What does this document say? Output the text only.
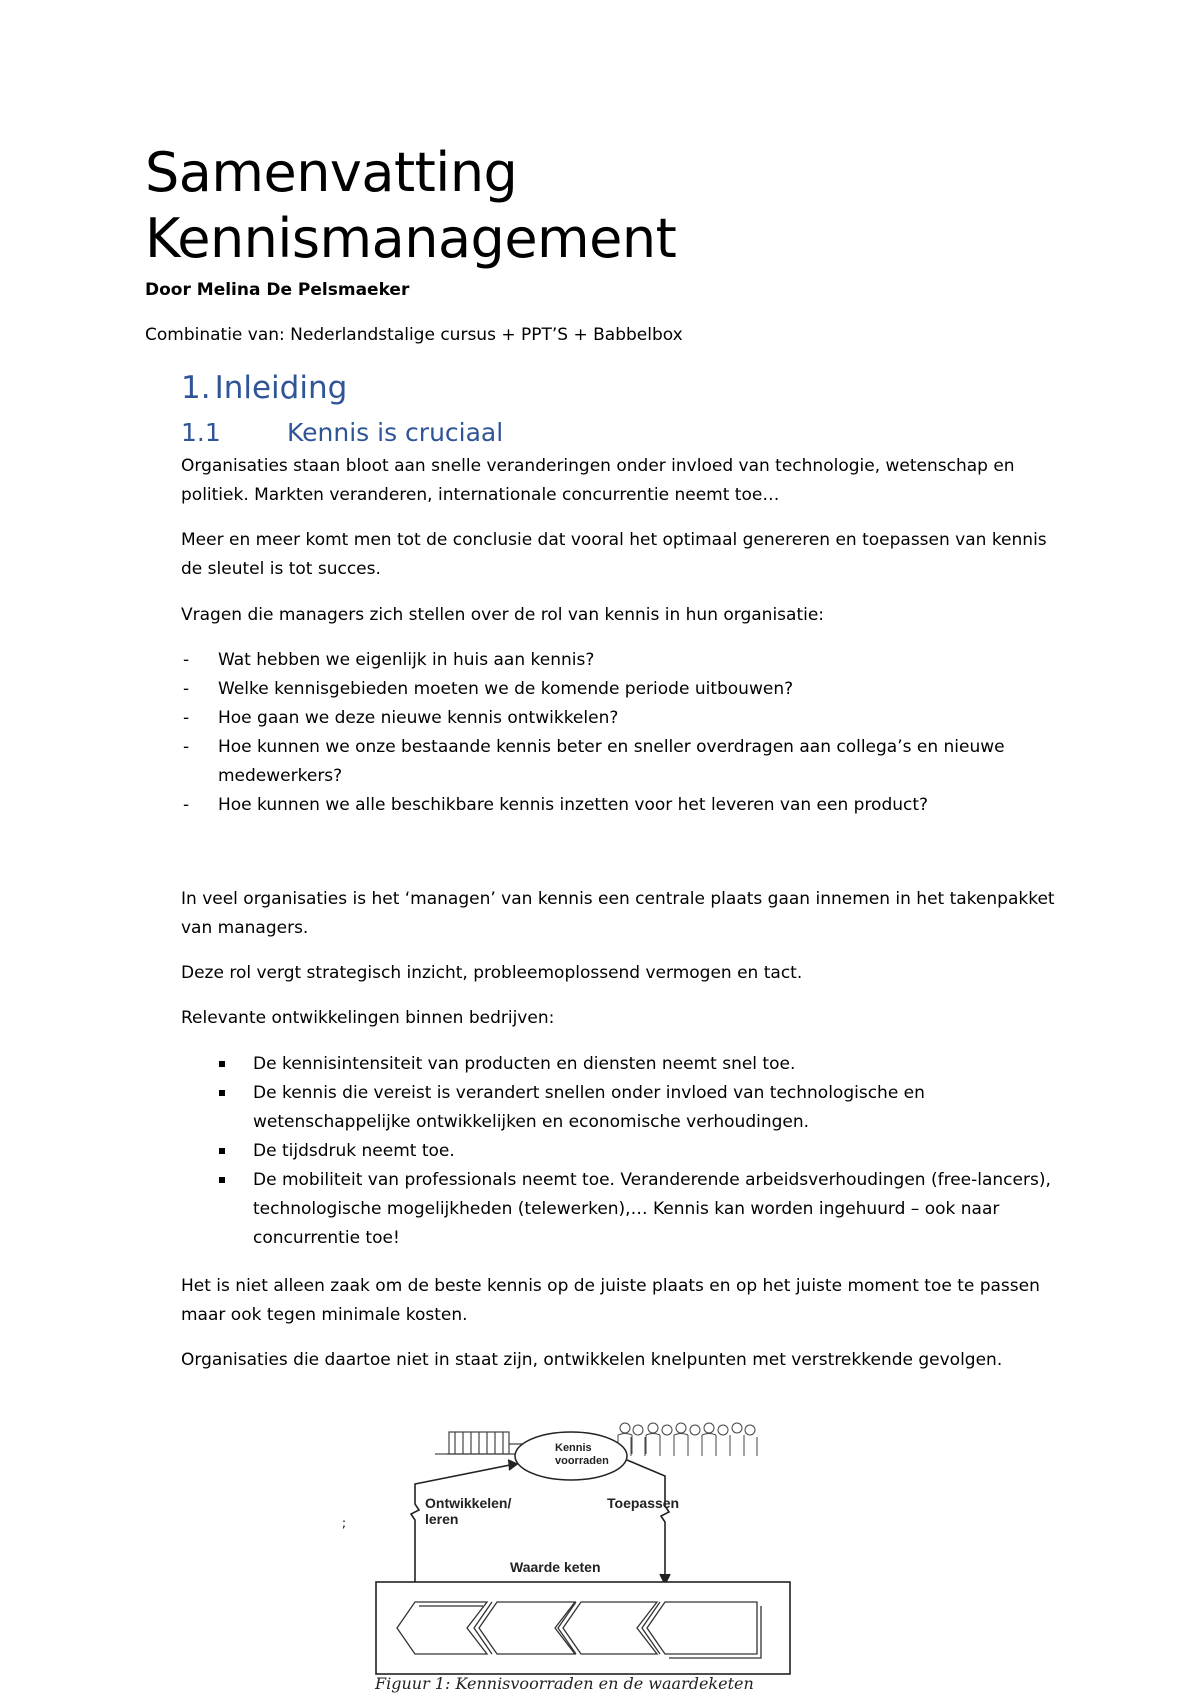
Samenvatting
Kennismanagement

Door Melina De Pelsmaeker

Combinatie van: Nederlandstalige cursus + PPT’S + Babbelbox

1. Inleiding
1.1	Kennis is cruciaal

Organisaties staan bloot aan snelle veranderingen onder invloed van technologie, wetenschap en politiek. Markten veranderen, internationale concurrentie neemt toe…

Meer en meer komt men tot de conclusie dat vooral het optimaal genereren en toepassen van kennis de sleutel is tot succes.

Vragen die managers zich stellen over de rol van kennis in hun organisatie:

- Wat hebben we eigenlijk in huis aan kennis?
- Welke kennisgebieden moeten we de komende periode uitbouwen?
- Hoe gaan we deze nieuwe kennis ontwikkelen?
- Hoe kunnen we onze bestaande kennis beter en sneller overdragen aan collega’s en nieuwe medewerkers?
- Hoe kunnen we alle beschikbare kennis inzetten voor het leveren van een product?

In veel organisaties is het ‘managen’ van kennis een centrale plaats gaan innemen in het takenpakket van managers.

Deze rol vergt strategisch inzicht, probleemoplossend vermogen en tact.

Relevante ontwikkelingen binnen bedrijven:

De kennisintensiteit van producten en diensten neemt snel toe.
De kennis die vereist is verandert snellen onder invloed van technologische en wetenschappelijke ontwikkelijken en economische verhoudingen.
De tijdsdruk neemt toe.
De mobiliteit van professionals neemt toe. Veranderende arbeidsverhoudingen (free-lancers), technologische mogelijkheden (telewerken),… Kennis kan worden ingehuurd – ook naar concurrentie toe!

Het is niet alleen zaak om de beste kennis op de juiste plaats en op het juiste moment toe te passen maar ook tegen minimale kosten.

Organisaties die daartoe niet in staat zijn, ontwikkelen knelpunten met verstrekkende gevolgen.

;
Kennis
voorraden
Ontwikkelen/
leren
Toepassen
Waarde keten
Figuur 1: Kennisvoorraden en de waardeketen
